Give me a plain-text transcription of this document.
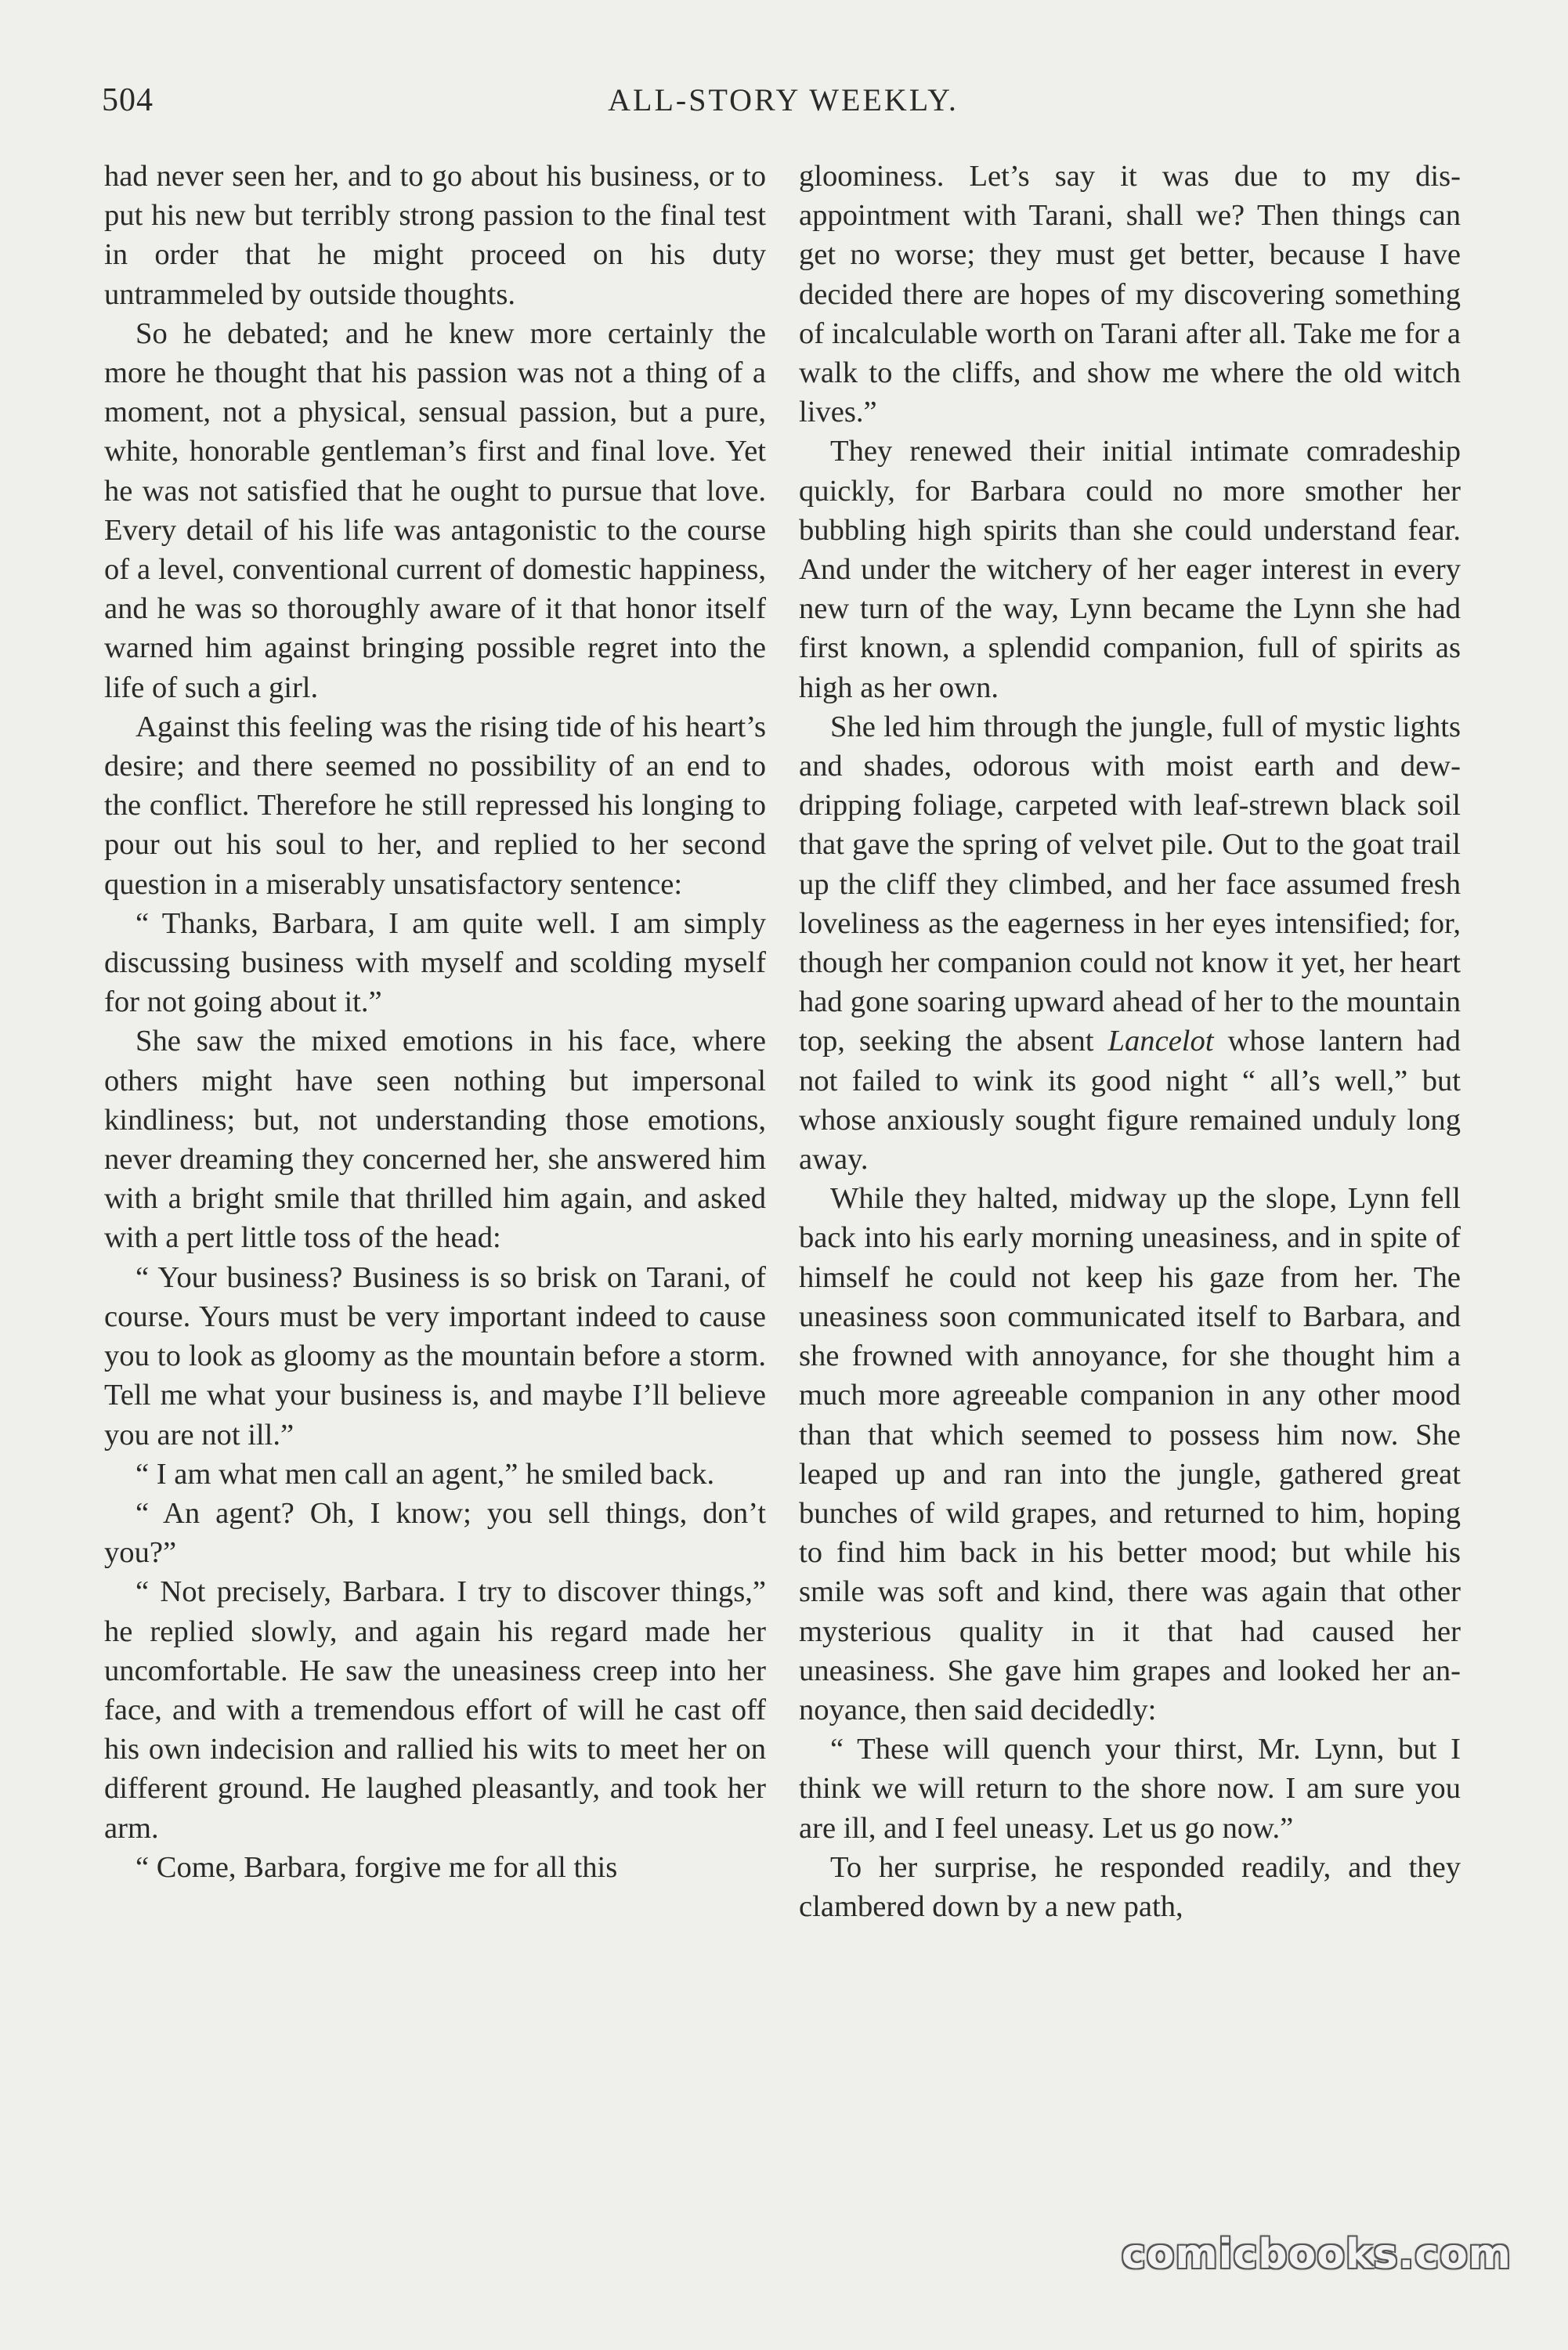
504	ALL-STORY WEEKLY.

had never seen her, and to go about his business, or to put his new but terribly strong passion to the final test in order that he might proceed on his duty untrammeled by outside thoughts.

So he debated; and he knew more certainly the more he thought that his passion was not a thing of a moment, not a physical, sensual passion, but a pure, white, honorable gentleman’s first and final love. Yet he was not satisfied that he ought to pursue that love. Every detail of his life was antagonistic to the course of a level, conventional current of domestic happiness, and he was so thoroughly aware of it that honor itself warned him against bringing possible regret into the life of such a girl.

Against this feeling was the rising tide of his heart’s desire; and there seemed no possibility of an end to the conflict. Therefore he still repressed his longing to pour out his soul to her, and replied to her second question in a miserably unsatisfactory sentence:

“ Thanks, Barbara, I am quite well. I am simply discussing business with myself and scolding myself for not going about it.”

She saw the mixed emotions in his face, where others might have seen nothing but impersonal kindliness; but, not understanding those emotions, never dreaming they concerned her, she answered him with a bright smile that thrilled him again, and asked with a pert little toss of the head:

“ Your business? Business is so brisk on Tarani, of course. Yours must be very important indeed to cause you to look as gloomy as the mountain before a storm. Tell me what your business is, and maybe I’ll believe you are not ill.”

“ I am what men call an agent,” he smiled back.

“ An agent? Oh, I know; you sell things, don’t you?”

“ Not precisely, Barbara. I try to discover things,” he replied slowly, and again his regard made her uncomfortable. He saw the uneasiness creep into her face, and with a tremendous effort of will he cast off his own indecision and rallied his wits to meet her on different ground. He laughed pleasantly, and took her arm.

“ Come, Barbara, forgive me for all this

gloominess. Let’s say it was due to my disappointment with Tarani, shall we? Then things can get no worse; they must get better, because I have decided there are hopes of my discovering something of incalculable worth on Tarani after all. Take me for a walk to the cliffs, and show me where the old witch lives.”

They renewed their initial intimate comradeship quickly, for Barbara could no more smother her bubbling high spirits than she could understand fear. And under the witchery of her eager interest in every new turn of the way, Lynn became the Lynn she had first known, a splendid companion, full of spirits as high as her own.

She led him through the jungle, full of mystic lights and shades, odorous with moist earth and dew-dripping foliage, carpeted with leaf-strewn black soil that gave the spring of velvet pile. Out to the goat trail up the cliff they climbed, and her face assumed fresh loveliness as the eagerness in her eyes intensified; for, though her companion could not know it yet, her heart had gone soaring upward ahead of her to the mountain top, seeking the absent Lancelot whose lantern had not failed to wink its good night “ all’s well,” but whose anxiously sought figure remained unduly long away.

While they halted, midway up the slope, Lynn fell back into his early morning uneasiness, and in spite of himself he could not keep his gaze from her. The uneasiness soon communicated itself to Barbara, and she frowned with annoyance, for she thought him a much more agreeable companion in any other mood than that which seemed to possess him now. She leaped up and ran into the jungle, gathered great bunches of wild grapes, and returned to him, hoping to find him back in his better mood; but while his smile was soft and kind, there was again that other mysterious quality in it that had caused her uneasiness. She gave him grapes and looked her annoyance, then said decidedly:

“ These will quench your thirst, Mr. Lynn, but I think we will return to the shore now. I am sure you are ill, and I feel uneasy. Let us go now.”

To her surprise, he responded readily, and they clambered down by a new path,

comicbooks.com
